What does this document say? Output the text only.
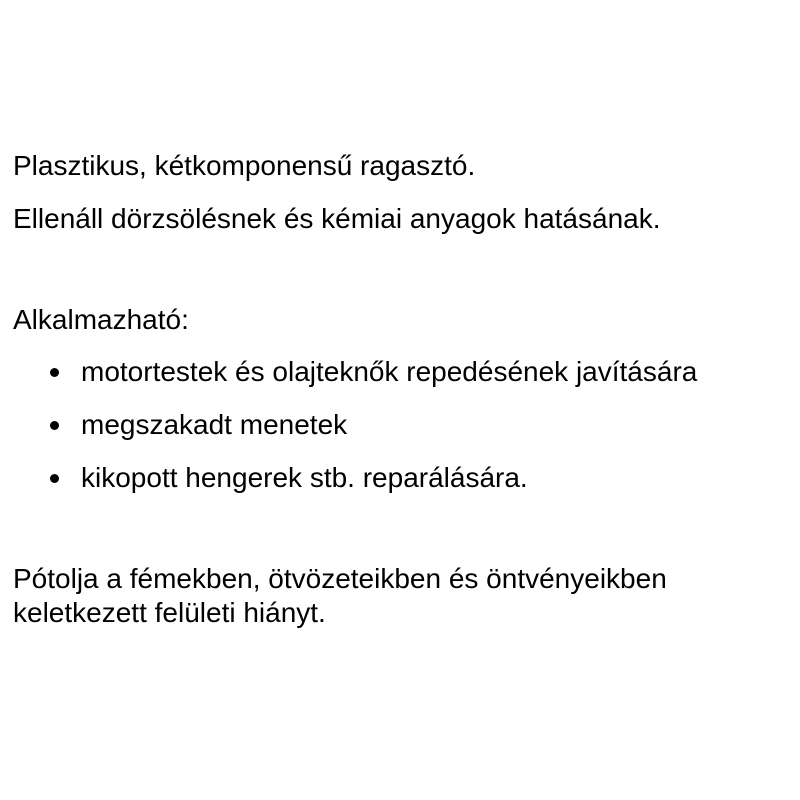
Plasztikus, kétkomponensű ragasztó.
Ellenáll dörzsölésnek és kémiai anyagok hatásának.
Alkalmazható:
motortestek és olajteknők repedésének javítására
megszakadt menetek
kikopott hengerek stb. reparálására.
Pótolja a fémekben, ötvözeteikben és öntvényeikben
keletkezett felületi hiányt.
